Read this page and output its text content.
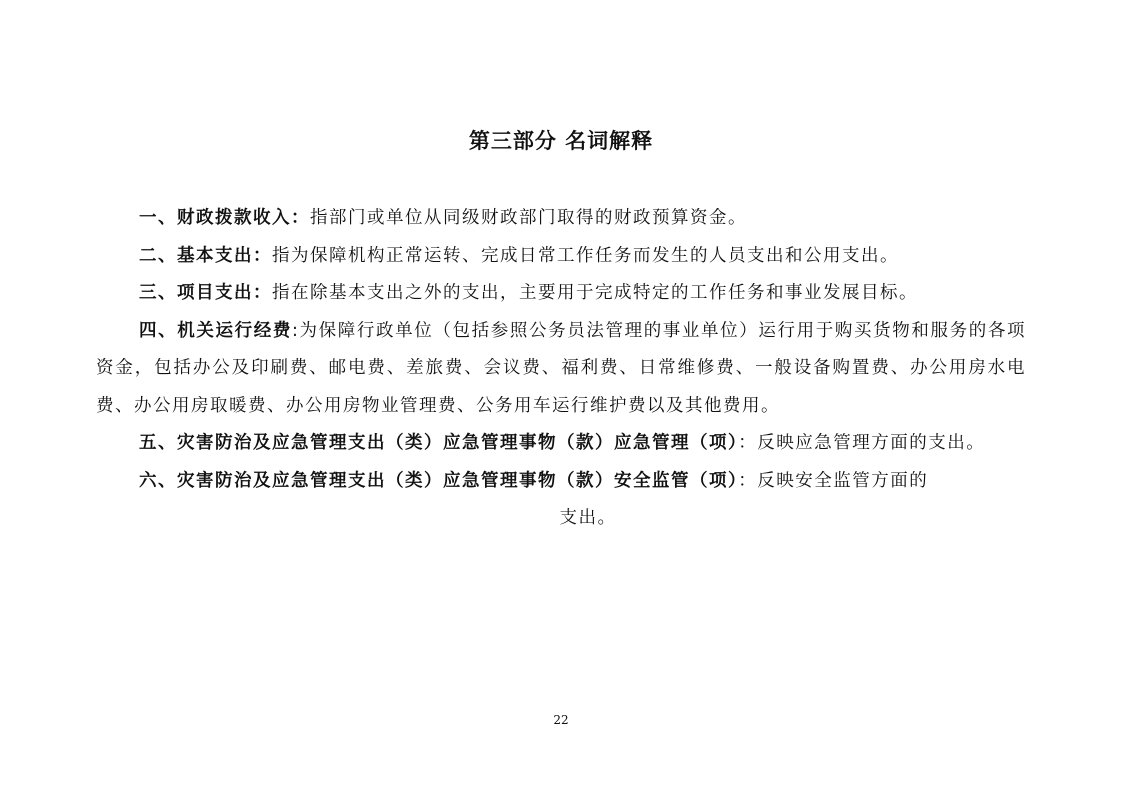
第三部分 名词解释

一、财政拨款收入：指部门或单位从同级财政部门取得的财政预算资金。

二、基本支出：指为保障机构正常运转、完成日常工作任务而发生的人员支出和公用支出。

三、项目支出：指在除基本支出之外的支出，主要用于完成特定的工作任务和事业发展目标。

四、机关运行经费:为保障行政单位（包括参照公务员法管理的事业单位）运行用于购买货物和服务的各项资金，包括办公及印刷费、邮电费、差旅费、会议费、福利费、日常维修费、一般设备购置费、办公用房水电费、办公用房取暖费、办公用房物业管理费、公务用车运行维护费以及其他费用。

五、灾害防治及应急管理支出（类）应急管理事物（款）应急管理（项）：反映应急管理方面的支出。

六、灾害防治及应急管理支出（类）应急管理事物（款）安全监管（项）：反映安全监管方面的

支出。

22
